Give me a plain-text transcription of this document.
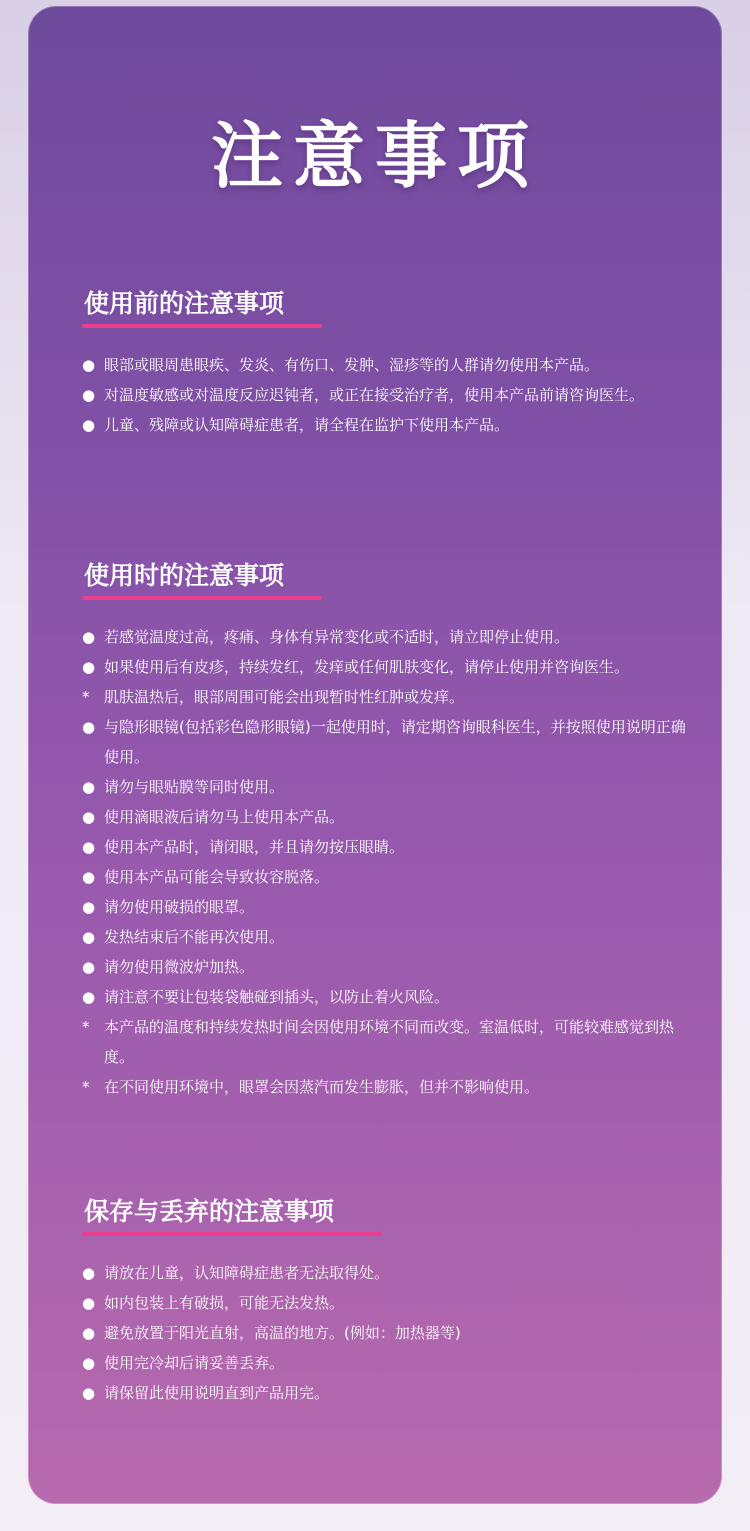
注意事项
使用前的注意事项
● 眼部或眼周患眼疾、发炎、有伤口、发肿、湿疹等的人群请勿使用本产品。
● 对温度敏感或对温度反应迟钝者，或正在接受治疗者，使用本产品前请咨询医生。
● 儿童、残障或认知障碍症患者，请全程在监护下使用本产品。
使用时的注意事项
● 若感觉温度过高，疼痛、身体有异常变化或不适时，请立即停止使用。
● 如果使用后有皮疹，持续发红，发痒或任何肌肤变化，请停止使用并咨询医生。
* 肌肤温热后，眼部周围可能会出现暂时性红肿或发痒。
● 与隐形眼镜(包括彩色隐形眼镜)一起使用时，请定期咨询眼科医生，并按照使用说明正确使用。
● 请勿与眼贴膜等同时使用。
● 使用滴眼液后请勿马上使用本产品。
● 使用本产品时，请闭眼，并且请勿按压眼睛。
● 使用本产品可能会导致妆容脱落。
● 请勿使用破损的眼罩。
● 发热结束后不能再次使用。
● 请勿使用微波炉加热。
● 请注意不要让包装袋触碰到插头，以防止着火风险。
* 本产品的温度和持续发热时间会因使用环境不同而改变。室温低时，可能较难感觉到热度。
* 在不同使用环境中，眼罩会因蒸汽而发生膨胀，但并不影响使用。
保存与丢弃的注意事项
● 请放在儿童，认知障碍症患者无法取得处。
● 如内包装上有破损，可能无法发热。
● 避免放置于阳光直射，高温的地方。(例如：加热器等)
● 使用完冷却后请妥善丢弃。
● 请保留此使用说明直到产品用完。
